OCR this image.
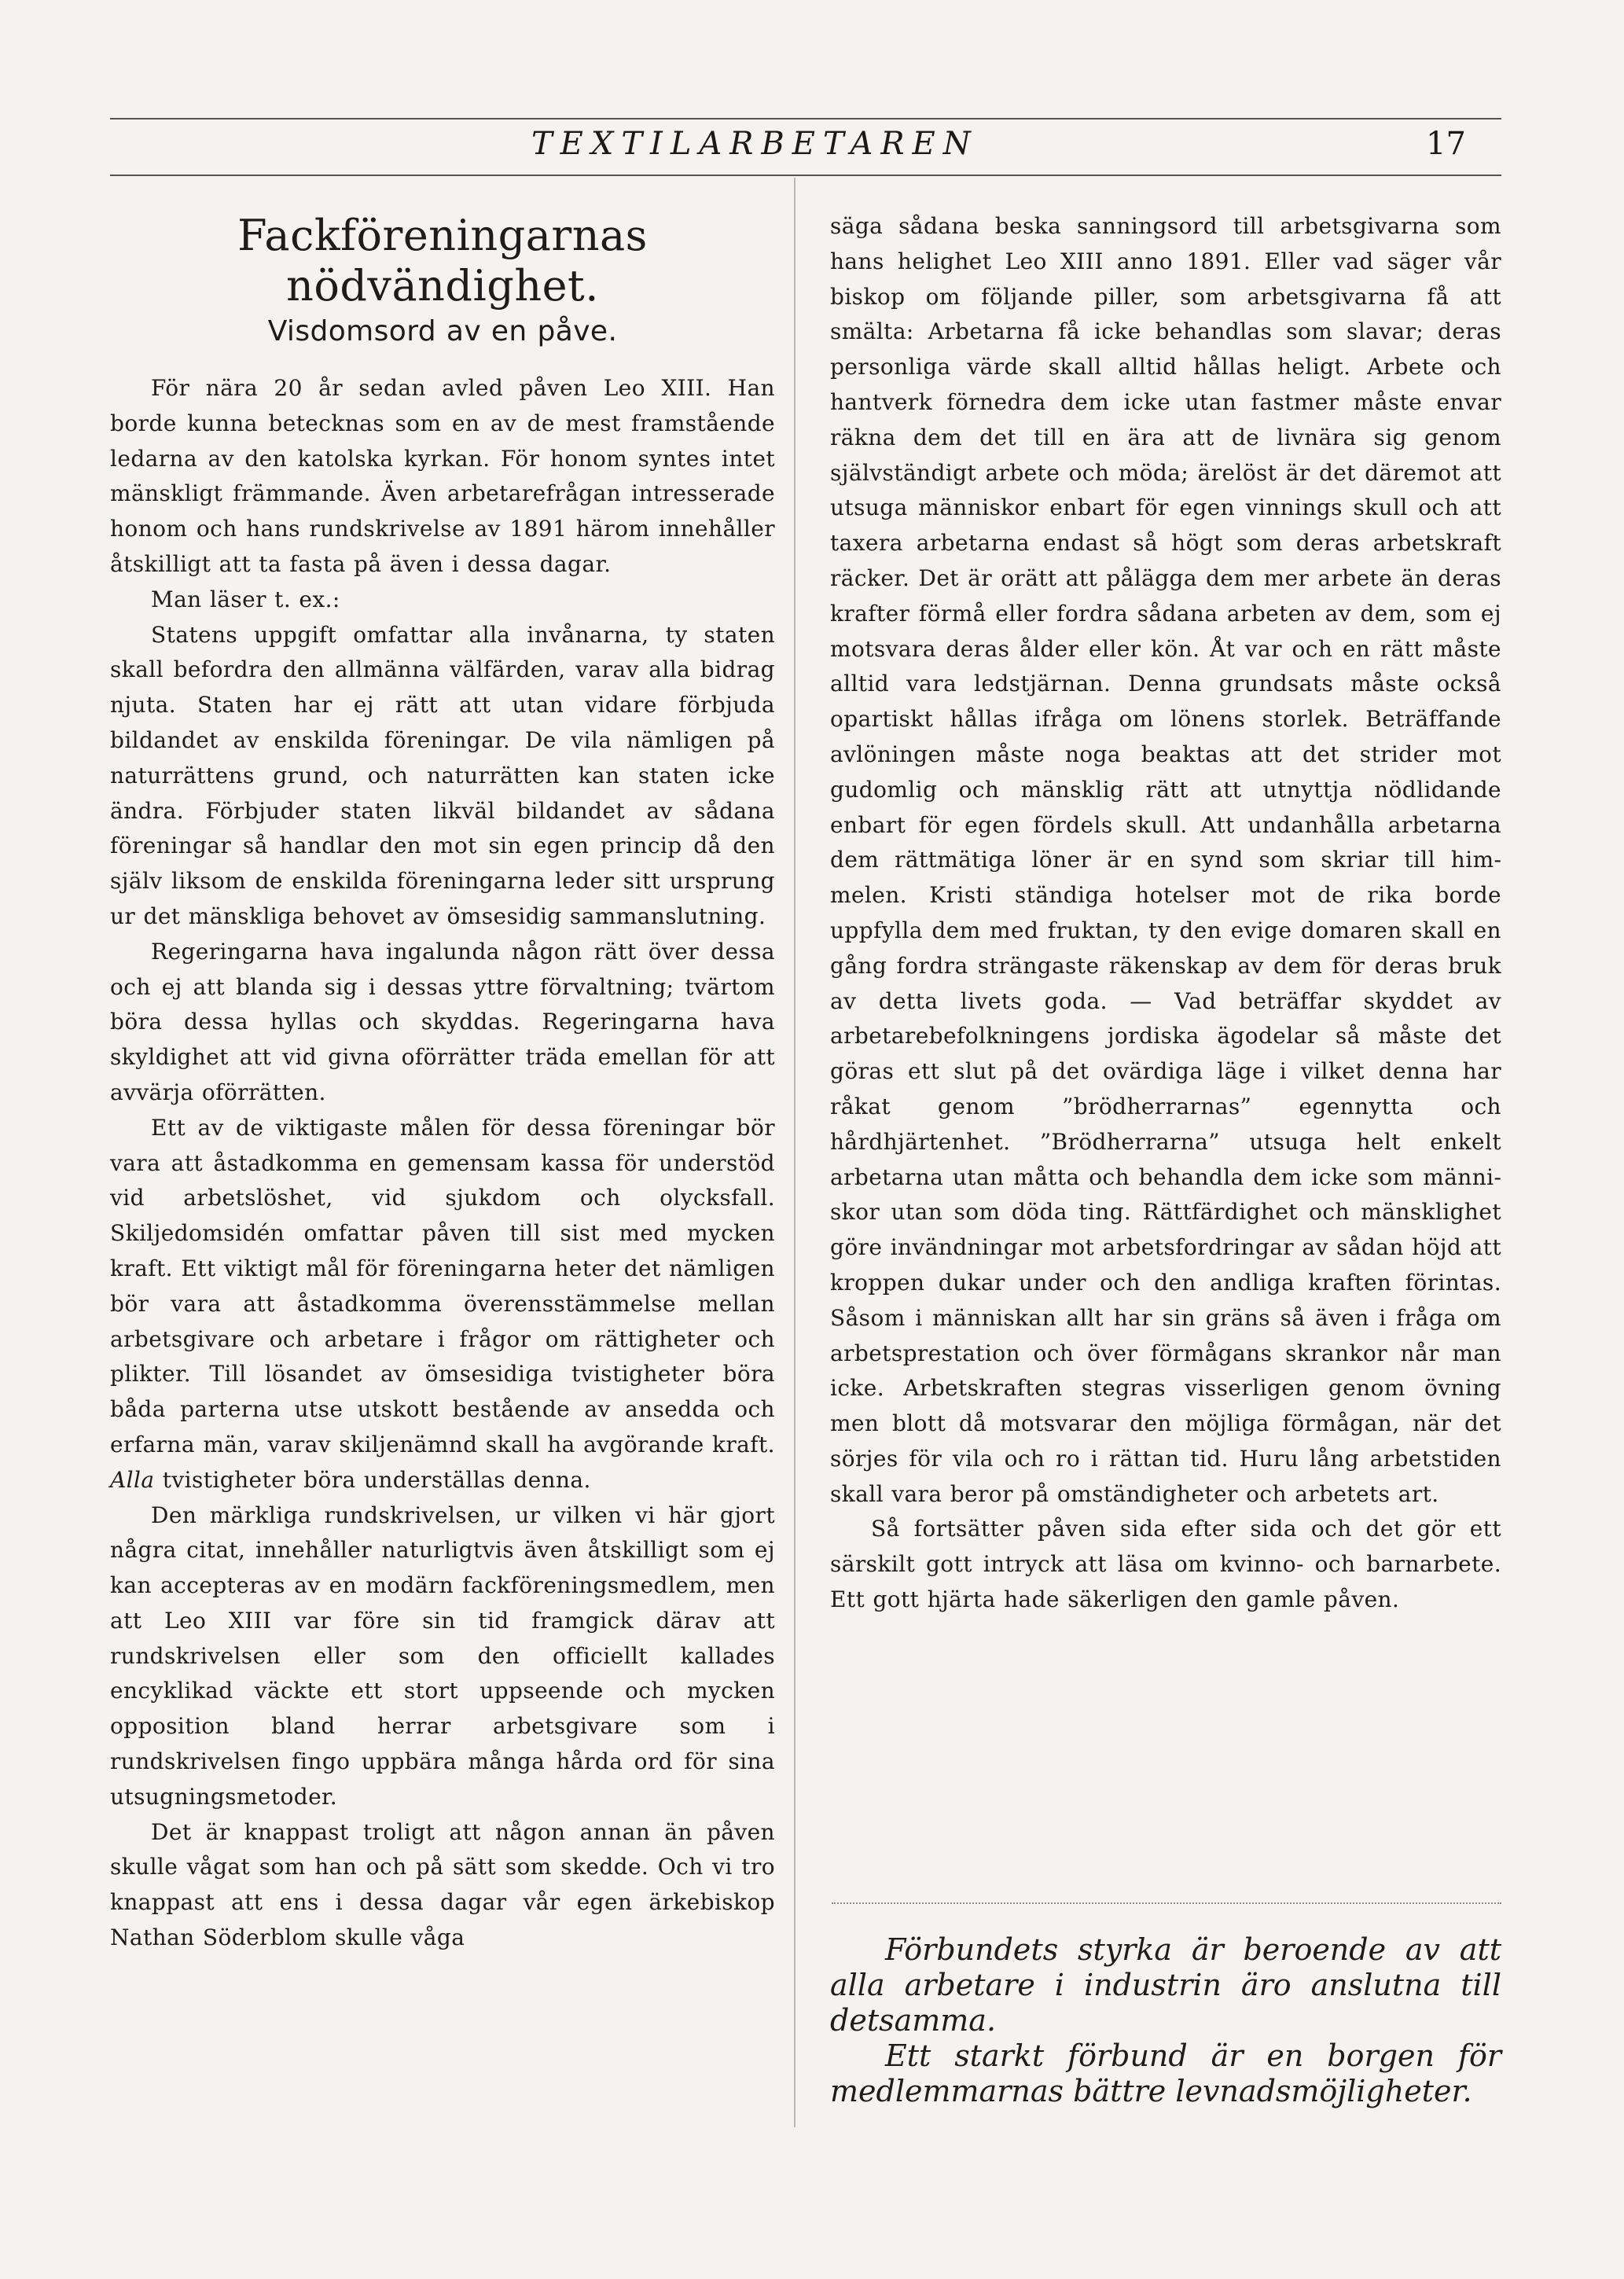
TEXTILARBETAREN	17
Fackföreningarnas nödvändighet.
Visdomsord av en påve.

För nära 20 år sedan avled påven Leo XIII. Han borde kunna betecknas som en av de mest framstående ledarna av den katolska kyrkan. För honom syntes intet mänskligt främmande. Även arbetarefrågan intresserade honom och hans rundskrivelse av 1891 härom innehåller åtskilligt att ta fasta på även i dessa dagar.

Man läser t. ex.:

Statens uppgift omfattar alla invånarna, ty staten skall befordra den allmänna välfärden, varav alla bidrag njuta. Staten har ej rätt att utan vidare förbjuda bildandet av enskilda föreningar. De vila nämligen på naturrättens grund, och naturrätten kan staten icke ändra. Förbjuder staten likväl bildandet av sådana föreningar så handlar den mot sin egen princip då den själv liksom de enskilda föreningarna leder sitt ursprung ur det mänskliga behovet av ömsesidig sammanslutning.

Regeringarna hava ingalunda någon rätt över dessa och ej att blanda sig i dessas yttre förvaltning; tvärtom böra dessa hyllas och skyddas. Regeringarna hava skyldighet att vid givna oförrätter träda emellan för att avvärja oförrätten.

Ett av de viktigaste målen för dessa föreningar bör vara att åstadkomma en gemensam kassa för understöd vid arbetslöshet, vid sjukdom och olycksfall. Skiljedomsidén omfattar påven till sist med mycken kraft. Ett viktigt mål för föreningarna heter det nämligen bör vara att åstadkomma överensstämmelse mellan arbetsgivare och arbetare i frågor om rättigheter och plikter. Till lösandet av ömsesidiga tvistigheter böra båda parterna utse utskott bestående av ansedda och erfarna män, varav skiljenämnd skall ha avgörande kraft. Alla tvistigheter böra underställas denna.

Den märkliga rundskrivelsen, ur vilken vi här gjort några citat, innehåller naturligtvis även åtskilligt som ej kan accepteras av en modärn fackföreningsmedlem, men att Leo XIII var före sin tid framgick därav att rundskrivelsen eller som den officiellt kallades encyklikad väckte ett stort uppseende och mycken opposition bland herrar arbetsgivare som i rundskrivelsen fingo uppbära många hårda ord för sina utsugningsmetoder.

Det är knappast troligt att någon annan än påven skulle vågat som han och på sätt som skedde. Och vi tro knappast att ens i dessa dagar vår egen ärkebiskop Nathan Söderblom skulle våga

säga sådana beska sanningsord till arbetsgivarna som hans helighet Leo XIII anno 1891. Eller vad säger vår biskop om följande piller, som arbetsgivarna få att smälta: Arbetarna få icke behandlas som slavar; deras personliga värde skall alltid hållas heligt. Arbete och hantverk förnedra dem icke utan fastmer måste envar räkna dem det till en ära att de livnära sig genom självständigt arbete och möda; ärelöst är det däremot att utsuga människor enbart för egen vinnings skull och att taxera arbetarna endast så högt som deras arbetskraft räcker. Det är orätt att pålägga dem mer arbete än deras krafter förmå eller fordra sådana arbeten av dem, som ej motsvara deras ålder eller kön. Åt var och en rätt måste alltid vara ledstjärnan. Denna grundsats måste också opartiskt hållas ifråga om lönens storlek. Beträffande avlöningen måste noga beaktas att det strider mot gudomlig och mänsklig rätt att utnyttja nödlidande enbart för egen fördels skull. Att undanhålla arbetarna dem rättmätiga löner är en synd som skriar till himmelen. Kristi ständiga hotelser mot de rika borde uppfylla dem med fruktan, ty den evige domaren skall en gång fordra strängaste räkenskap av dem för deras bruk av detta livets goda. — Vad beträffar skyddet av arbetarebefolkningens jordiska ägodelar så måste det göras ett slut på det ovärdiga läge i vilket denna har råkat genom ”brödherrarnas” egennytta och hårdhjärtenhet. ”Brödherrarna” utsuga helt enkelt arbetarna utan måtta och behandla dem icke som människor utan som döda ting. Rättfärdighet och mänsklighet göre invändningar mot arbetsfordringar av sådan höjd att kroppen dukar under och den andliga kraften förintas. Såsom i människan allt har sin gräns så även i fråga om arbetsprestation och över förmågans skrankor når man icke. Arbetskraften stegras visserligen genom övning men blott då motsvarar den möjliga förmågan, när det sörjes för vila och ro i rättan tid. Huru lång arbetstiden skall vara beror på omständigheter och arbetets art.

Så fortsätter påven sida efter sida och det gör ett särskilt gott intryck att läsa om kvinno- och barnarbete. Ett gott hjärta hade säkerligen den gamle påven.

Förbundets styrka är beroende av att alla arbetare i industrin äro anslutna till detsamma.

Ett starkt förbund är en borgen för medlemmarnas bättre levnadsmöjligheter.
